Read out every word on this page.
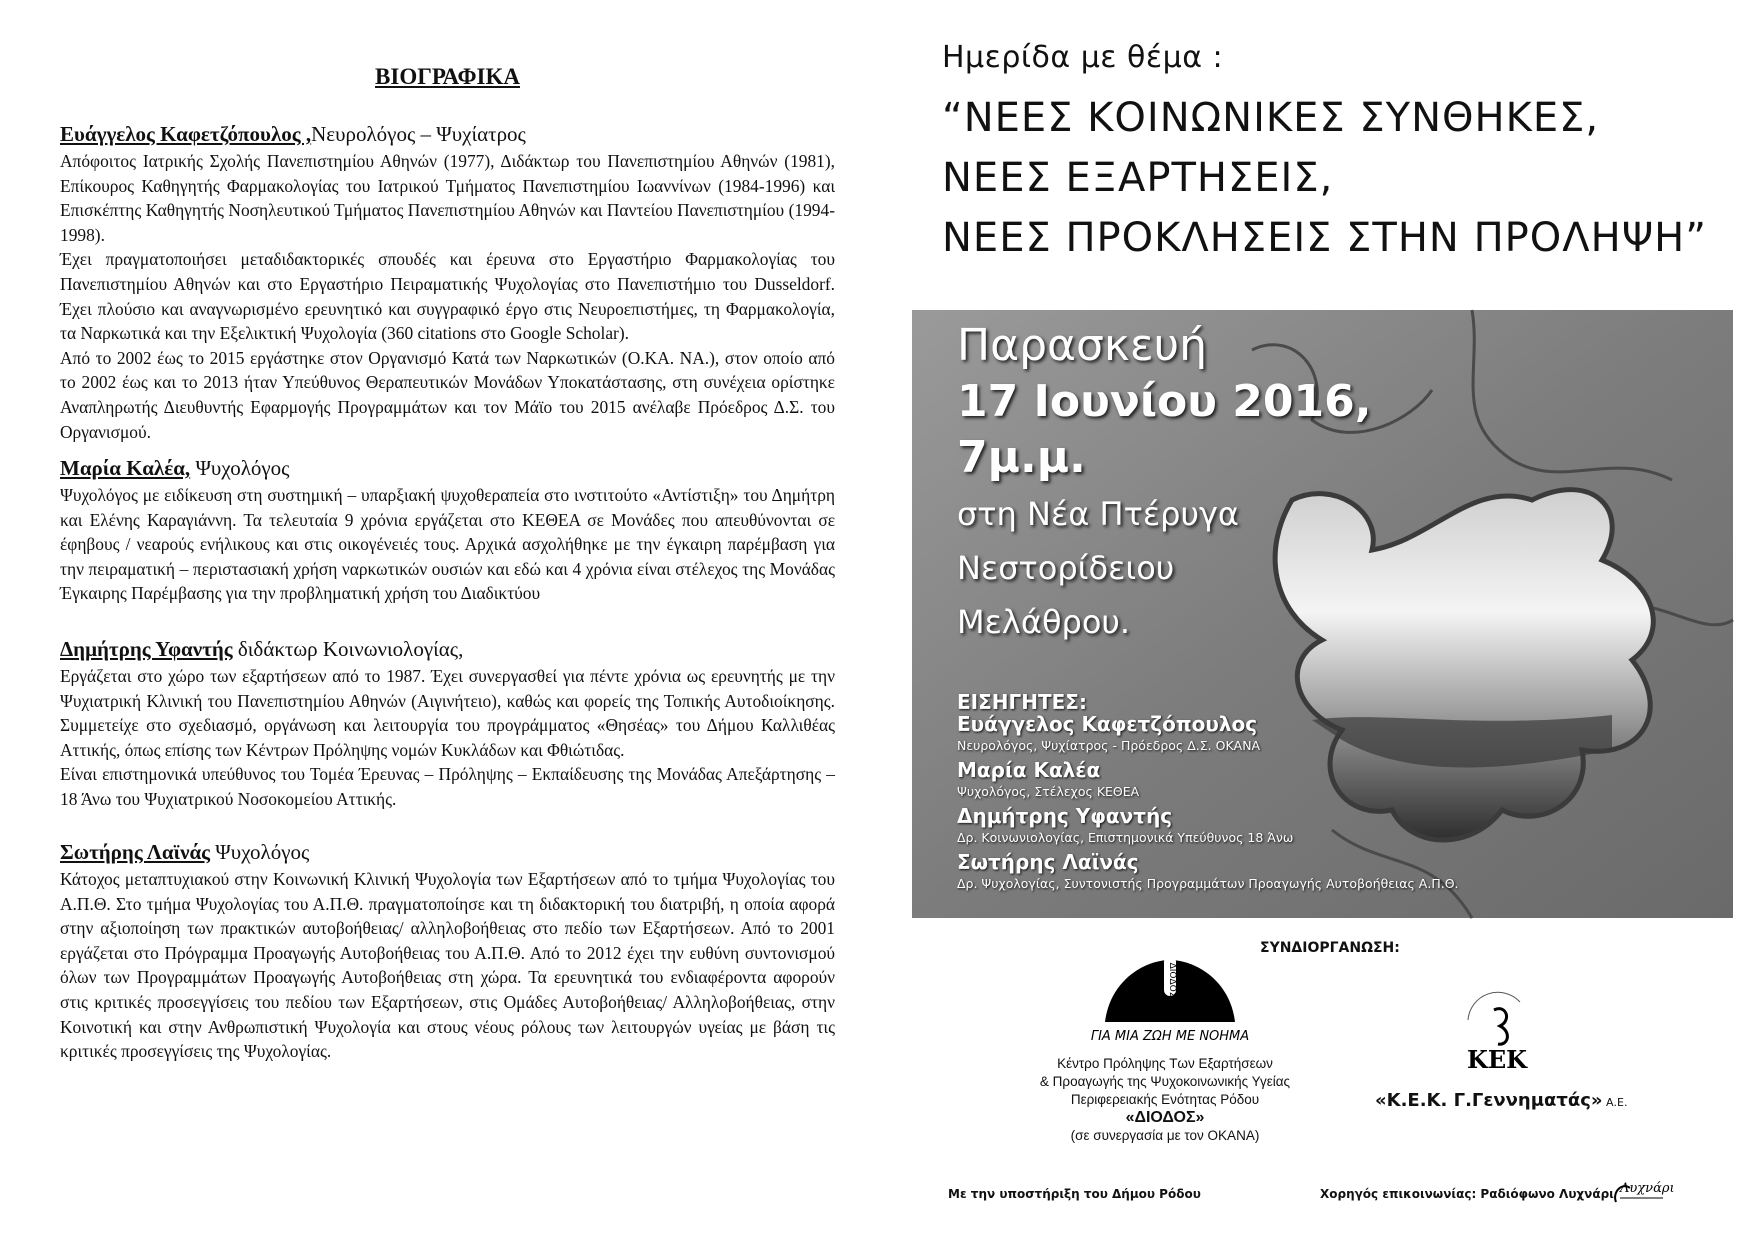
ΒΙΟΓΡΑΦΙΚΑ
Ευάγγελος Καφετζόπουλος ,Νευρολόγος – Ψυχίατρος

Απόφοιτος Ιατρικής Σχολής Πανεπιστημίου Αθηνών (1977), Διδάκτωρ του Πανεπιστημίου Αθηνών (1981), Επίκουρος Καθηγητής Φαρμακολογίας του Ιατρικού Τμήματος Πανεπιστημίου Ιωαννίνων (1984-1996) και Επισκέπτης Καθηγητής Νοσηλευτικού Τμήματος Πανεπιστημίου Αθηνών και Παντείου Πανεπιστημίου (1994-1998).

Έχει πραγματοποιήσει μεταδιδακτορικές σπουδές και έρευνα στο Εργαστήριο Φαρμακολογίας του Πανεπιστημίου Αθηνών και στο Εργαστήριο Πειραματικής Ψυχολογίας στο Πανεπιστήμιο του Dusseldorf. Έχει πλούσιο και αναγνωρισμένο ερευνητικό και συγγραφικό έργο στις Νευροεπιστήμες, τη Φαρμακολογία, τα Ναρκωτικά και την Εξελικτική Ψυχολογία (360 citations στο Google Scholar).

Από το 2002 έως το 2015 εργάστηκε στον Οργανισμό Κατά των Ναρκωτικών (Ο.ΚΑ. ΝΑ.), στον οποίο από το 2002 έως και το 2013 ήταν Υπεύθυνος Θεραπευτικών Μονάδων Υποκατάστασης, στη συνέχεια ορίστηκε Αναπληρωτής Διευθυντής Εφαρμογής Προγραμμάτων και τον Μάϊο του 2015 ανέλαβε Πρόεδρος Δ.Σ. του Οργανισμού.

Μαρία Καλέα, Ψυχολόγος

Ψυχολόγος με ειδίκευση στη συστημική – υπαρξιακή ψυχοθεραπεία στο ινστιτούτο «Αντίστιξη» του Δημήτρη και Ελένης Καραγιάννη. Τα τελευταία 9 χρόνια εργάζεται στο ΚΕΘΕΑ σε Μονάδες που απευθύνονται σε έφηβους / νεαρούς ενήλικους και στις οικογένειές τους. Αρχικά ασχολήθηκε με την έγκαιρη παρέμβαση για την πειραματική – περιστασιακή χρήση ναρκωτικών ουσιών και εδώ και 4 χρόνια είναι στέλεχος της Μονάδας Έγκαιρης Παρέμβασης για την προβληματική χρήση του Διαδικτύου

Δημήτρης Υφαντής διδάκτωρ Κοινωνιολογίας,

Εργάζεται στο χώρο των εξαρτήσεων από το 1987. Έχει συνεργασθεί για πέντε χρόνια ως ερευνητής με την Ψυχιατρική Κλινική του Πανεπιστημίου Αθηνών (Αιγινήτειο), καθώς και φορείς της Τοπικής Αυτοδιοίκησης. Συμμετείχε στο σχεδιασμό, οργάνωση και λειτουργία του προγράμματος «Θησέας» του Δήμου Καλλιθέας Αττικής, όπως επίσης των Κέντρων Πρόληψης νομών Κυκλάδων και Φθιώτιδας.

Είναι επιστημονικά υπεύθυνος του Τομέα Έρευνας – Πρόληψης – Εκπαίδευσης της Μονάδας Απεξάρτησης – 18 Άνω του Ψυχιατρικού Νοσοκομείου Αττικής.

Σωτήρης Λαϊνάς Ψυχολόγος

Κάτοχος μεταπτυχιακού στην Κοινωνική Κλινική Ψυχολογία των Εξαρτήσεων από το τμήμα Ψυχολογίας του Α.Π.Θ. Στο τμήμα Ψυχολογίας του Α.Π.Θ. πραγματοποίησε και τη διδακτορική του διατριβή, η οποία αφορά στην αξιοποίηση των πρακτικών αυτοβοήθειας/ αλληλοβοήθειας στο πεδίο των Εξαρτήσεων. Από το 2001 εργάζεται στο Πρόγραμμα Προαγωγής Αυτοβοήθειας του Α.Π.Θ. Από το 2012 έχει την ευθύνη συντονισμού όλων των Προγραμμάτων Προαγωγής Αυτοβοήθειας στη χώρα. Τα ερευνητικά του ενδιαφέροντα αφορούν στις κριτικές προσεγγίσεις του πεδίου των Εξαρτήσεων, στις Ομάδες Αυτοβοήθειας/ Αλληλοβοήθειας, στην Κοινοτική και στην Ανθρωπιστική Ψυχολογία και στους νέους ρόλους των λειτουργών υγείας με βάση τις κριτικές προσεγγίσεις της Ψυχολογίας.

Ημερίδα με θέμα :
“ΝΕΕΣ ΚΟΙΝΩΝΙΚΕΣ ΣΥΝΘΗΚΕΣ,
ΝΕΕΣ ΕΞΑΡΤΗΣΕΙΣ,
ΝΕΕΣ ΠΡΟΚΛΗΣΕΙΣ ΣΤΗΝ ΠΡΟΛΗΨΗ”
Παρασκευή
17 Ιουνίου 2016,
7μ.μ.
στη Νέα Πτέρυγα
Νεστορίδειου
Μελάθρου.
ΕΙΣΗΓΗΤΕΣ:
Ευάγγελος Καφετζόπουλος
Νευρολόγος, Ψυχίατρος - Πρόεδρος Δ.Σ. ΟΚΑΝΑ
Μαρία Καλέα
Ψυχολόγος, Στέλεχος ΚΕΘΕΑ
Δημήτρης Υφαντής
Δρ. Κοινωνιολογίας, Επιστημονικά Υπεύθυνος 18 Άνω
Σωτήρης Λαϊνάς
Δρ. Ψυχολογίας, Συντονιστής Προγραμμάτων Προαγωγής Αυτοβοήθειας Α.Π.Θ.
ΣΥΝΔΙΟΡΓΑΝΩΣΗ:
ΔΙΟΔΟΣ
ΓΙΑ ΜΙΑ ΖΩΗ ΜΕ ΝΟΗΜΑ
Κέντρο Πρόληψης Των Εξαρτήσεων
& Προαγωγής της Ψυχοκοινωνικής Υγείας
Περιφερειακής Ενότητας Ρόδου
«ΔΙΟΔΟΣ»
(σε συνεργασία με τον ΟΚΑΝΑ)
ΚΕΚ
«Κ.Ε.Κ. Γ.Γεννηματάς» Α.Ε.
Με την υποστήριξη του Δήμου Ρόδου	Χορηγός επικοινωνίας: Ραδιόφωνο Λυχνάρι Λυχνάρι
